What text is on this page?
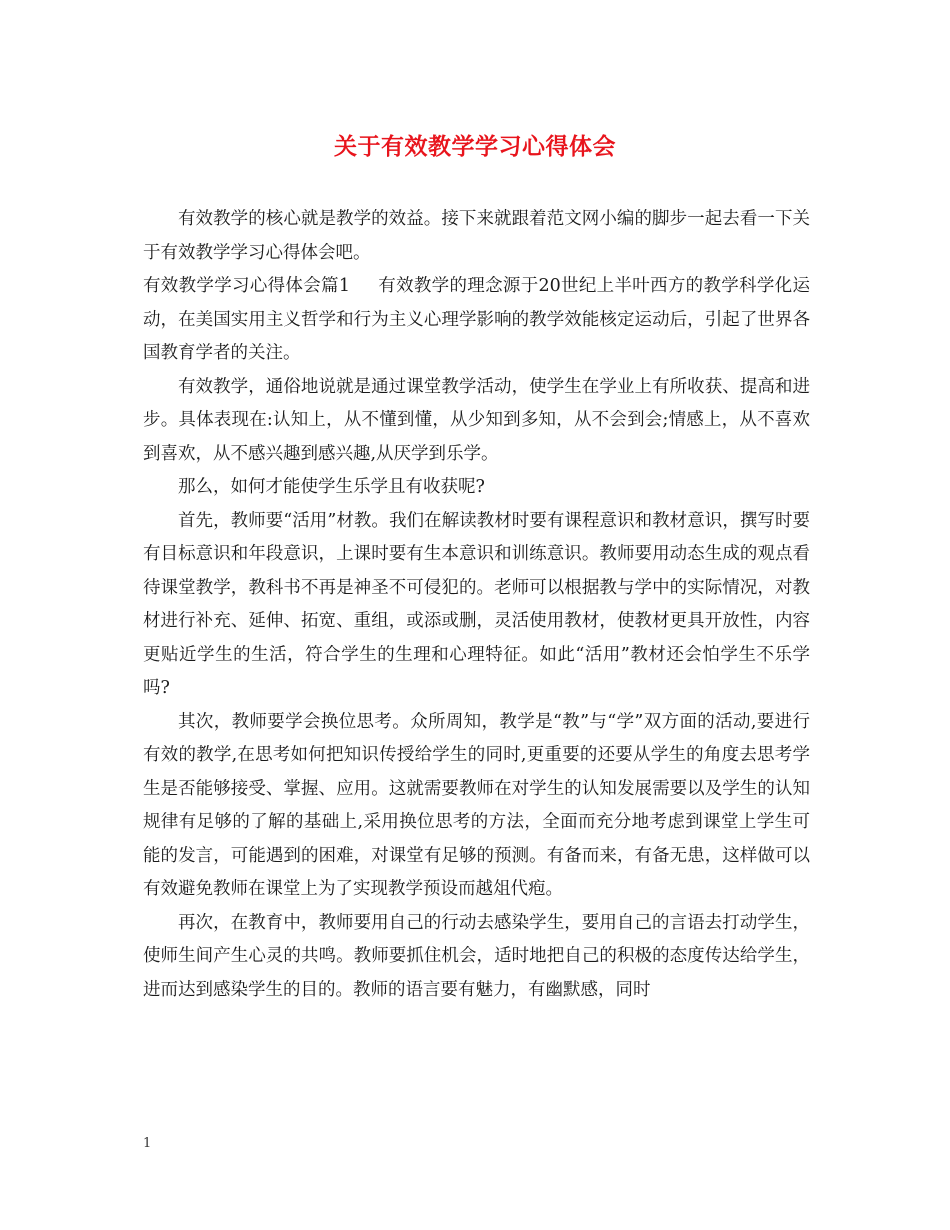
关于有效教学学习心得体会

有效教学的核心就是教学的效益。接下来就跟着范文网小编的脚步一起去看一下关于有效教学学习心得体会吧。

有效教学学习心得体会篇1 有效教学的理念源于20世纪上半叶西方的教学科学化运动，在美国实用主义哲学和行为主义心理学影响的教学效能核定运动后，引起了世界各国教育学者的关注。

有效教学，通俗地说就是通过课堂教学活动，使学生在学业上有所收获、提高和进步。具体表现在:认知上，从不懂到懂，从少知到多知，从不会到会;情感上，从不喜欢到喜欢，从不感兴趣到感兴趣,从厌学到乐学。

那么，如何才能使学生乐学且有收获呢?

首先，教师要“活用”材教。我们在解读教材时要有课程意识和教材意识，撰写时要有目标意识和年段意识，上课时要有生本意识和训练意识。教师要用动态生成的观点看待课堂教学，教科书不再是神圣不可侵犯的。老师可以根据教与学中的实际情况，对教材进行补充、延伸、拓宽、重组，或添或删，灵活使用教材，使教材更具开放性，内容更贴近学生的生活，符合学生的生理和心理特征。如此“活用”教材还会怕学生不乐学吗?

其次，教师要学会换位思考。众所周知，教学是“教”与“学”双方面的活动,要进行有效的教学,在思考如何把知识传授给学生的同时,更重要的还要从学生的角度去思考学生是否能够接受、掌握、应用。这就需要教师在对学生的认知发展需要以及学生的认知规律有足够的了解的基础上,采用换位思考的方法，全面而充分地考虑到课堂上学生可能的发言，可能遇到的困难，对课堂有足够的预测。有备而来，有备无患，这样做可以有效避免教师在课堂上为了实现教学预设而越俎代疱。

再次，在教育中，教师要用自己的行动去感染学生，要用自己的言语去打动学生，使师生间产生心灵的共鸣。教师要抓住机会，适时地把自己的积极的态度传达给学生，进而达到感染学生的目的。教师的语言要有魅力，有幽默感，同时

1
